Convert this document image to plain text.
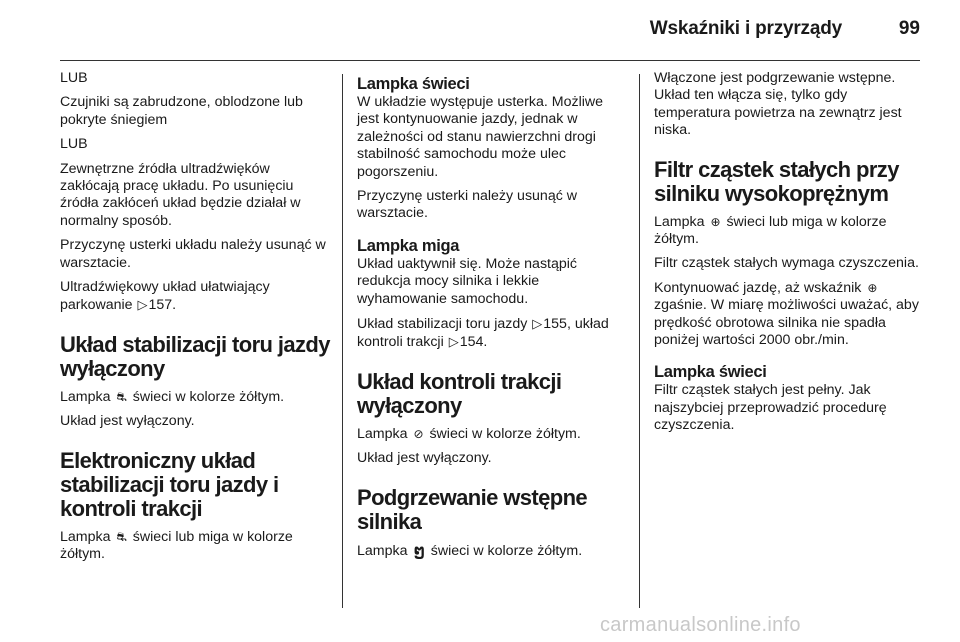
Wskaźniki i przyrządy	99

LUB

Czujniki są zabrudzone, oblodzone lub pokryte śniegiem

LUB

Zewnętrzne źródła ultradźwięków zakłócają pracę układu. Po usunięciu źródła zakłóceń układ będzie działał w normalny sposób.

Przyczynę usterki układu należy usunąć w warsztacie.

Ultradźwiękowy układ ułatwiający parkowanie ▷157.

Układ stabilizacji toru jazdy wyłączony

Lampka ⛐ świeci w kolorze żółtym.

Układ jest wyłączony.

Elektroniczny układ stabilizacji toru jazdy i kontroli trakcji

Lampka ⛐ świeci lub miga w kolorze żółtym.

Lampka świeci

W układzie występuje usterka. Możliwe jest kontynuowanie jazdy, jednak w zależności od stanu nawierzchni drogi stabilność samochodu może ulec pogorszeniu.

Przyczynę usterki należy usunąć w warsztacie.

Lampka miga

Układ uaktywnił się. Może nastąpić redukcja mocy silnika i lekkie wyhamowanie samochodu.

Układ stabilizacji toru jazdy ▷155, układ kontroli trakcji ▷154.

Układ kontroli trakcji wyłączony

Lampka ⊘ świeci w kolorze żółtym.

Układ jest wyłączony.

Podgrzewanie wstępne silnika

Lampka ໆ świeci w kolorze żółtym.

Włączone jest podgrzewanie wstępne. Układ ten włącza się, tylko gdy temperatura powietrza na zewnątrz jest niska.

Filtr cząstek stałych przy silniku wysokoprężnym

Lampka ⊕ świeci lub miga w kolorze żółtym.

Filtr cząstek stałych wymaga czyszczenia.

Kontynuować jazdę, aż wskaźnik ⊕ zgaśnie. W miarę możliwości uważać, aby prędkość obrotowa silnika nie spadła poniżej wartości 2000 obr./min.

Lampka świeci

Filtr cząstek stałych jest pełny. Jak najszybciej przeprowadzić procedurę czyszczenia.

carmanualsonline.info
